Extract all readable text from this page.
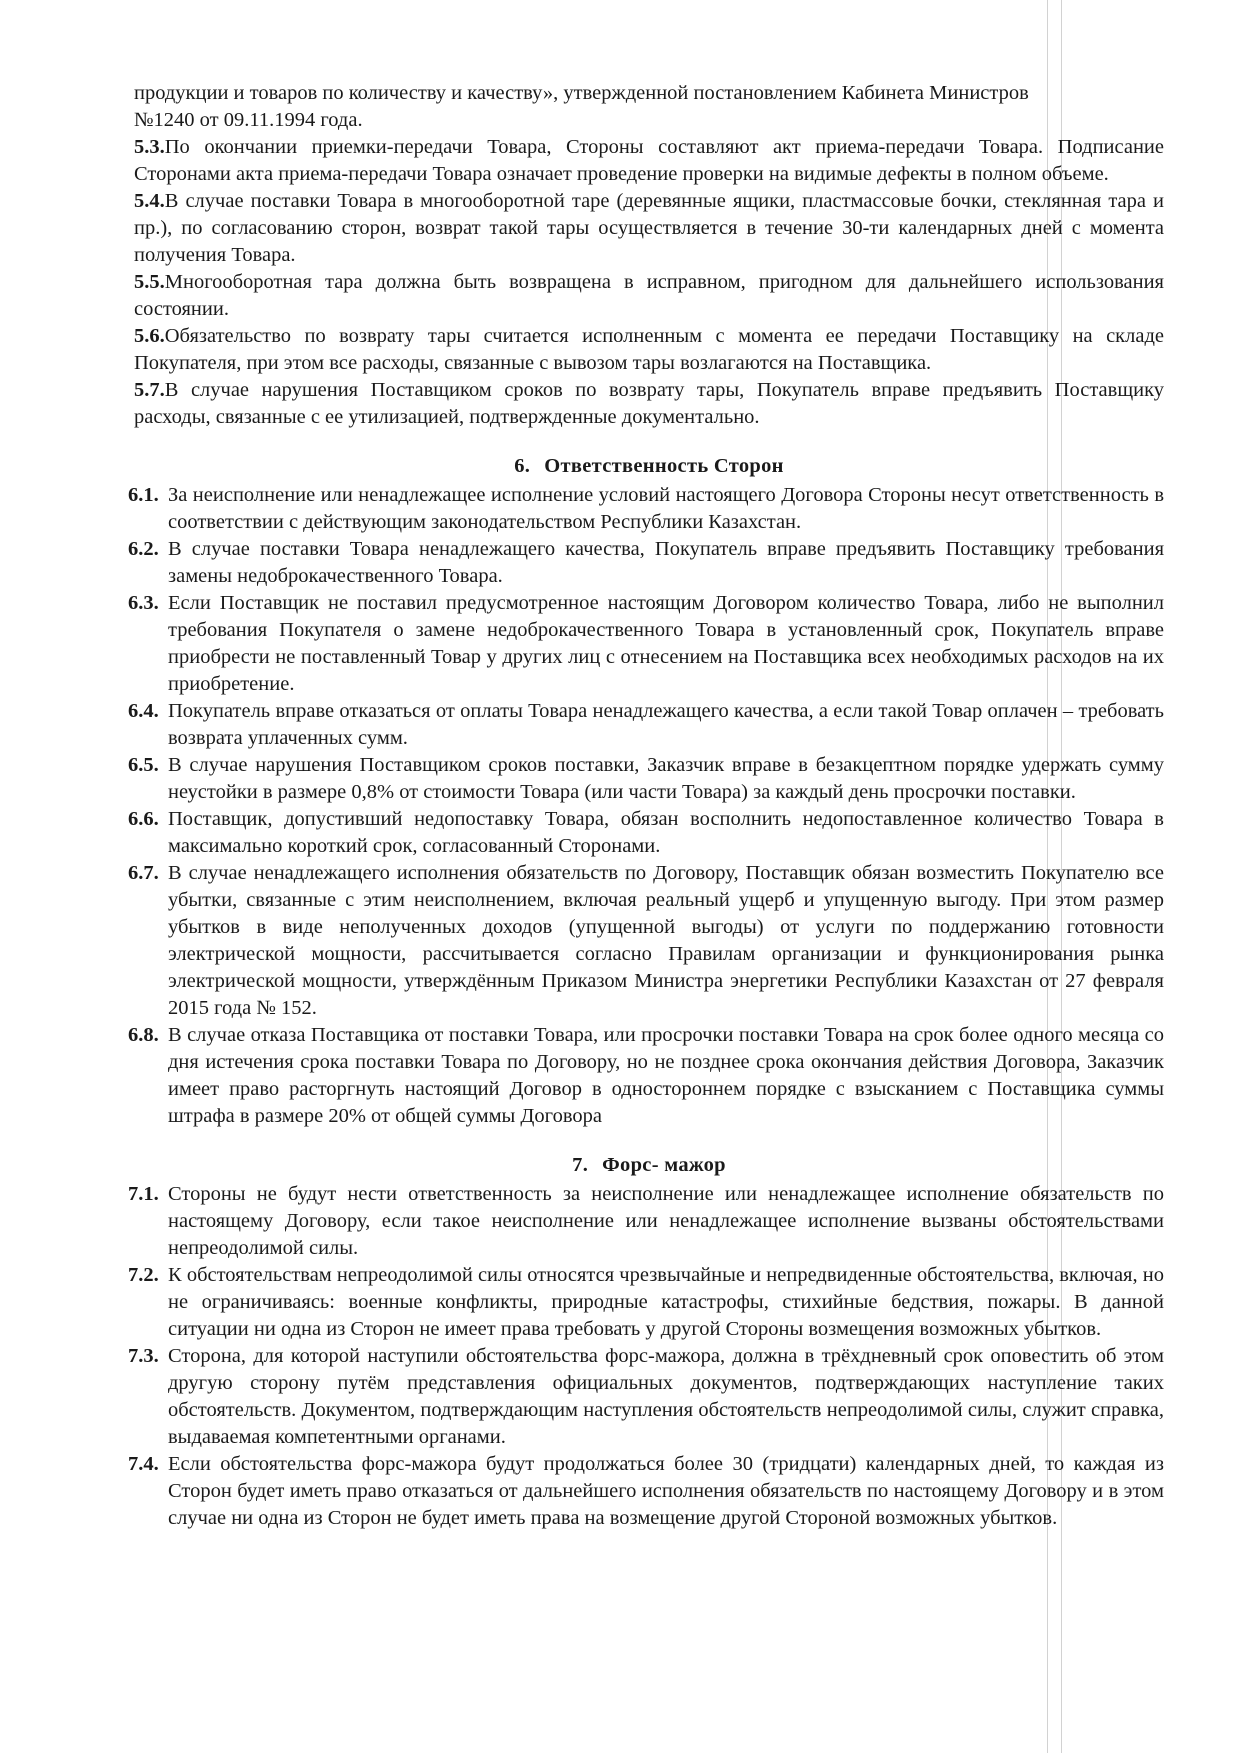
продукции и товаров по количеству и качеству», утвержденной постановлением Кабинета Министров

№1240 от 09.11.1994 года.

5.3.По окончании приемки-передачи Товара, Стороны составляют акт приема-передачи Товара. Подписание Сторонами акта приема-передачи Товара означает проведение проверки на видимые дефекты в полном объеме.

5.4.В случае поставки Товара в многооборотной таре (деревянные ящики, пластмассовые бочки, стеклянная тара и пр.), по согласованию сторон, возврат такой тары осуществляется в течение 30-ти календарных дней с момента получения Товара.

5.5.Многооборотная тара должна быть возвращена в исправном, пригодном для дальнейшего использования состоянии.

5.6.Обязательство по возврату тары считается исполненным с момента ее передачи Поставщику на складе Покупателя, при этом все расходы, связанные с вывозом тары возлагаются на Поставщика.

5.7.В случае нарушения Поставщиком сроков по возврату тары, Покупатель вправе предъявить Поставщику расходы, связанные с ее утилизацией, подтвержденные документально.

6. Ответственность Сторон
6.1. За неисполнение или ненадлежащее исполнение условий настоящего Договора Стороны несут ответственность в соответствии с действующим законодательством Республики Казахстан.
6.2. В случае поставки Товара ненадлежащего качества, Покупатель вправе предъявить Поставщику требования замены недоброкачественного Товара.
6.3. Если Поставщик не поставил предусмотренное настоящим Договором количество Товара, либо не выполнил требования Покупателя о замене недоброкачественного Товара в установленный срок, Покупатель вправе приобрести не поставленный Товар у других лиц с отнесением на Поставщика всех необходимых расходов на их приобретение.
6.4. Покупатель вправе отказаться от оплаты Товара ненадлежащего качества, а если такой Товар оплачен – требовать возврата уплаченных сумм.
6.5. В случае нарушения Поставщиком сроков поставки, Заказчик вправе в безакцептном порядке удержать сумму неустойки в размере 0,8% от стоимости Товара (или части Товара) за каждый день просрочки поставки.
6.6. Поставщик, допустивший недопоставку Товара, обязан восполнить недопоставленное количество Товара в максимально короткий срок, согласованный Сторонами.
6.7. В случае ненадлежащего исполнения обязательств по Договору, Поставщик обязан возместить Покупателю все убытки, связанные с этим неисполнением, включая реальный ущерб и упущенную выгоду. При этом размер убытков в виде неполученных доходов (упущенной выгоды) от услуги по поддержанию готовности электрической мощности, рассчитывается согласно Правилам организации и функционирования рынка электрической мощности, утверждённым Приказом Министра энергетики Республики Казахстан от 27 февраля 2015 года № 152.
6.8. В случае отказа Поставщика от поставки Товара, или просрочки поставки Товара на срок более одного месяца со дня истечения срока поставки Товара по Договору, но не позднее срока окончания действия Договора, Заказчик имеет право расторгнуть настоящий Договор в одностороннем порядке с взысканием с Поставщика суммы штрафа в размере 20% от общей суммы Договора
7. Форс- мажор
7.1. Стороны не будут нести ответственность за неисполнение или ненадлежащее исполнение обязательств по настоящему Договору, если такое неисполнение или ненадлежащее исполнение вызваны обстоятельствами непреодолимой силы.
7.2. К обстоятельствам непреодолимой силы относятся чрезвычайные и непредвиденные обстоятельства, включая, но не ограничиваясь: военные конфликты, природные катастрофы, стихийные бедствия, пожары. В данной ситуации ни одна из Сторон не имеет права требовать у другой Стороны возмещения возможных убытков.
7.3. Сторона, для которой наступили обстоятельства форс-мажора, должна в трёхдневный срок оповестить об этом другую сторону путём представления официальных документов, подтверждающих наступление таких обстоятельств. Документом, подтверждающим наступления обстоятельств непреодолимой силы, служит справка, выдаваемая компетентными органами.
7.4. Если обстоятельства форс-мажора будут продолжаться более 30 (тридцати) календарных дней, то каждая из Сторон будет иметь право отказаться от дальнейшего исполнения обязательств по настоящему Договору и в этом случае ни одна из Сторон не будет иметь права на возмещение другой Стороной возможных убытков.
